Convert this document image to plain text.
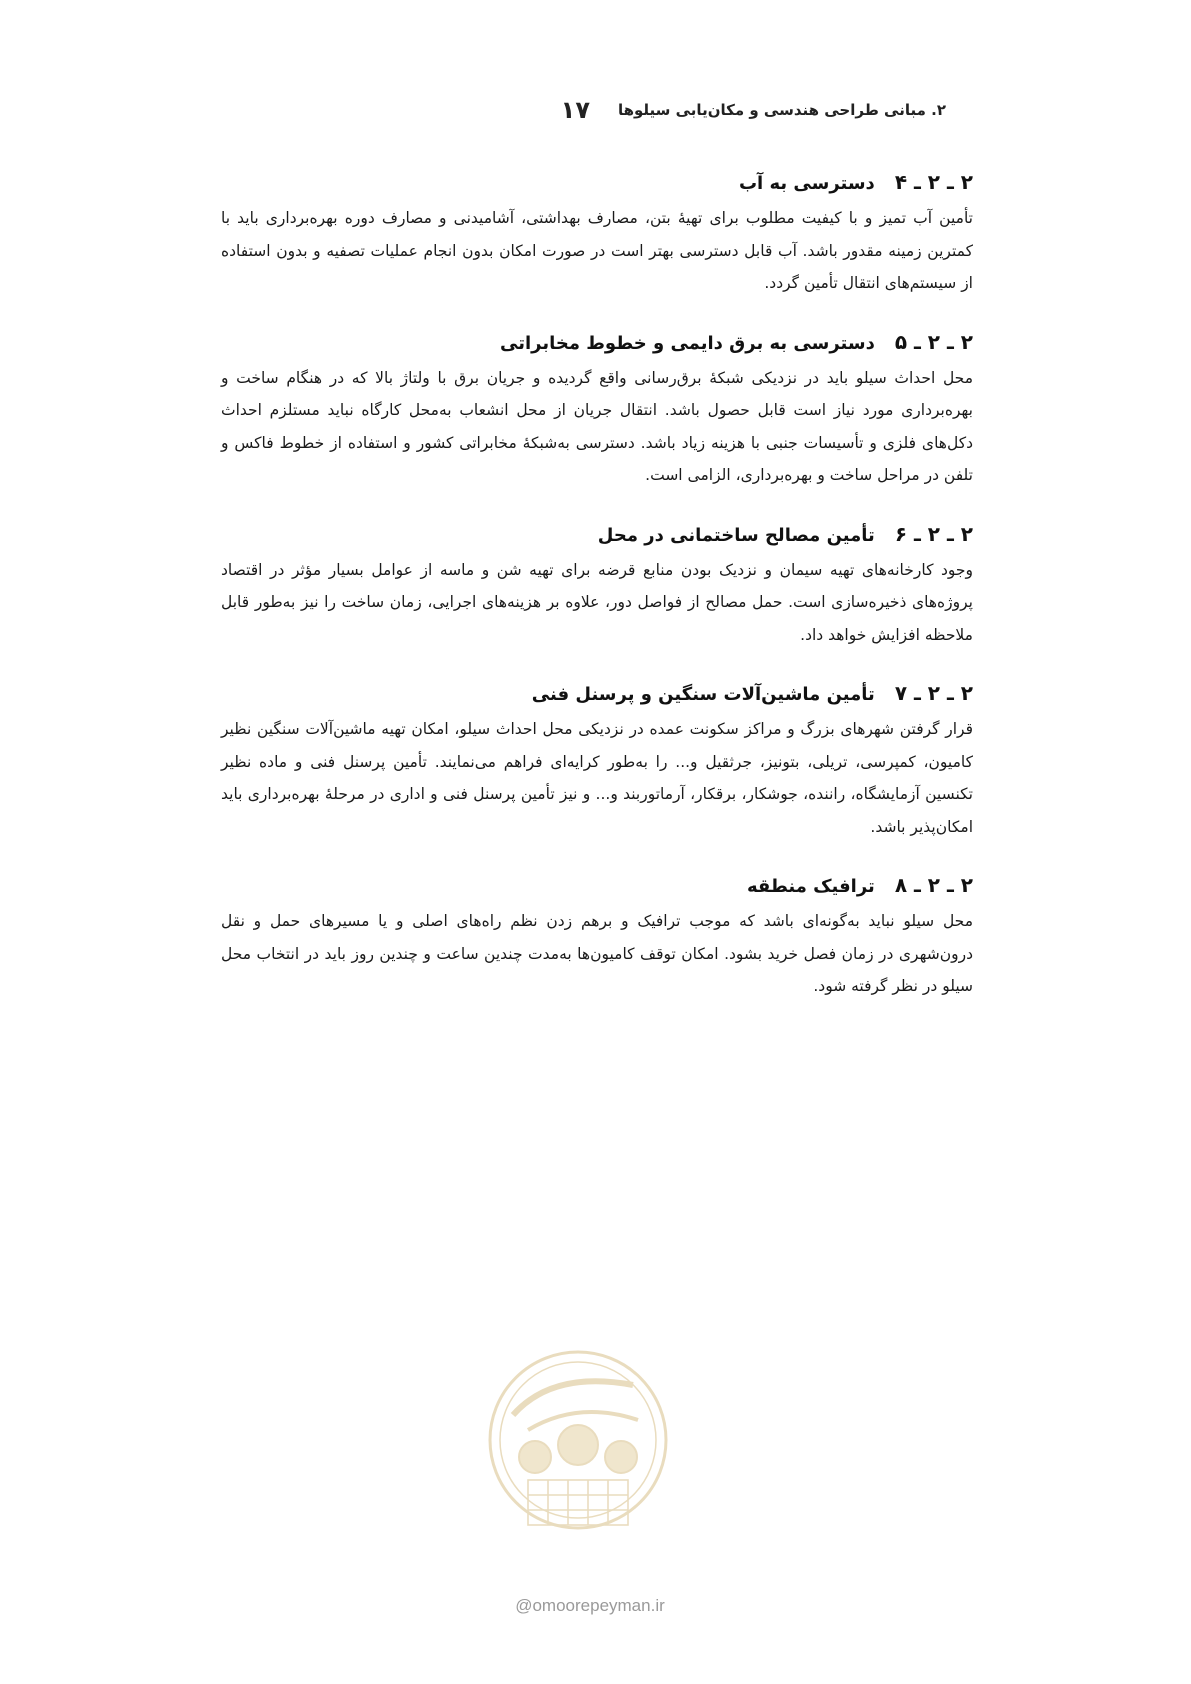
۲. مبانی طراحی هندسی و مکان‌یابی سیلوها
۱۷
۲ ـ ۲ ـ ۴
دسترسی به آب

تأمین آب تمیز و با کیفیت مطلوب برای تهیهٔ بتن، مصارف بهداشتی، آشامیدنی و مصارف دوره بهره‌برداری باید با کمترین زمینه مقدور باشد. آب قابل دسترسی بهتر است در صورت امکان بدون انجام عملیات تصفیه و بدون استفاده از سیستم‌های انتقال تأمین گردد.

۲ ـ ۲ ـ ۵
دسترسی به برق دایمی و خطوط مخابراتی

محل احداث سیلو باید در نزدیکی شبکهٔ برق‌رسانی واقع گردیده و جریان برق با ولتاژ بالا که در هنگام ساخت و بهره‌برداری مورد نیاز است قابل حصول باشد. انتقال جریان از محل انشعاب به‌محل کارگاه نباید مستلزم احداث دکل‌های فلزی و تأسیسات جنبی با هزینه زیاد باشد. دسترسی به‌شبکهٔ مخابراتی کشور و استفاده از خطوط فاکس و تلفن در مراحل ساخت و بهره‌برداری، الزامی است.

۲ ـ ۲ ـ ۶
تأمین مصالح ساختمانی در محل

وجود کارخانه‌های تهیه سیمان و نزدیک بودن منابع قرضه برای تهیه شن و ماسه از عوامل بسیار مؤثر در اقتصاد پروژه‌های ذخیره‌سازی است. حمل مصالح از فواصل دور، علاوه بر هزینه‌های اجرایی، زمان ساخت را نیز به‌طور قابل ملاحظه افزایش خواهد داد.

۲ ـ ۲ ـ ۷
تأمین ماشین‌آلات سنگین و پرسنل فنی

قرار گرفتن شهرهای بزرگ و مراکز سکونت عمده در نزدیکی محل احداث سیلو، امکان تهیه ماشین‌آلات سنگین نظیر کامیون، کمپرسی، تریلی، بتونیز، جرثقیل و... را به‌طور کرایه‌ای فراهم می‌نمایند. تأمین پرسنل فنی و ماده نظیر تکنسین آزمایشگاه، راننده، جوشکار، برقکار، آرماتوربند و... و نیز تأمین پرسنل فنی و اداری در مرحلهٔ بهره‌برداری باید امکان‌پذیر باشد.

۲ ـ ۲ ـ ۸
ترافیک منطقه

محل سیلو نباید به‌گونه‌ای باشد که موجب ترافیک و برهم زدن نظم راه‌های اصلی و یا مسیرهای حمل و نقل درون‌شهری در زمان فصل خرید بشود. امکان توقف کامیون‌ها به‌مدت چندین ساعت و چندین روز باید در انتخاب محل سیلو در نظر گرفته شود.

@omoorepeyman.ir
